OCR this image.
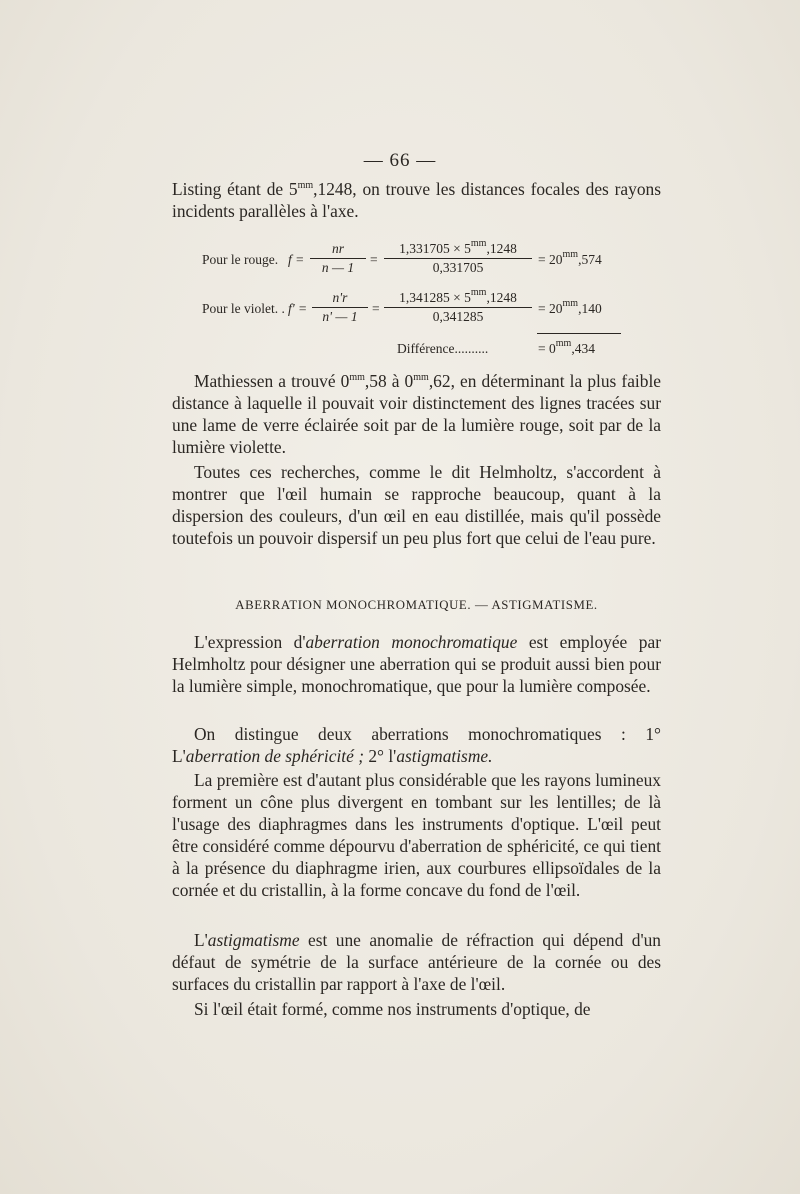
— 66 —
Listing étant de $5^{mm},1248$, on trouve les distances focales des rayons incidents parallèles à l'axe.
Pour le rouge. $f = \frac{nr}{n — 1} = \frac{1,331705 \times 5^{mm},1248}{0,331705} = 20^{mm},574$
Pour le violet. . $f' = \frac{n'r}{n' — 1} = \frac{1,341285 \times 5^{mm},1248}{0,341285} = 20^{mm},140$
Différence..........	= $0^{mm},434$
Mathiessen a trouvé $0^{mm},58$ à $0^{mm},62$, en déterminant la plus faible distance à laquelle il pouvait voir distinctement des lignes tracées sur une lame de verre éclairée soit par de la lumière rouge, soit par de la lumière violette.
Toutes ces recherches, comme le dit Helmholtz, s'accordent à montrer que l'œil humain se rapproche beaucoup, quant à la dispersion des couleurs, d'un œil en eau distillée, mais qu'il possède toutefois un pouvoir dispersif un peu plus fort que celui de l'eau pure.
ABERRATION MONOCHROMATIQUE. — ASTIGMATISME.
L'expression d'aberration monochromatique est employée par Helmholtz pour désigner une aberration qui se produit aussi bien pour la lumière simple, monochromatique, que pour la lumière composée.
On distingue deux aberrations monochromatiques : 1° L'aberration de sphéricité ; 2° l'astigmatisme.
La première est d'autant plus considérable que les rayons lumineux forment un cône plus divergent en tombant sur les lentilles; de là l'usage des diaphragmes dans les instruments d'optique. L'œil peut être considéré comme dépourvu d'aberration de sphéricité, ce qui tient à la présence du diaphragme irien, aux courbures ellipsoïdales de la cornée et du cristallin, à la forme concave du fond de l'œil.
L'astigmatisme est une anomalie de réfraction qui dépend d'un défaut de symétrie de la surface antérieure de la cornée ou des surfaces du cristallin par rapport à l'axe de l'œil.
Si l'œil était formé, comme nos instruments d'optique, de
